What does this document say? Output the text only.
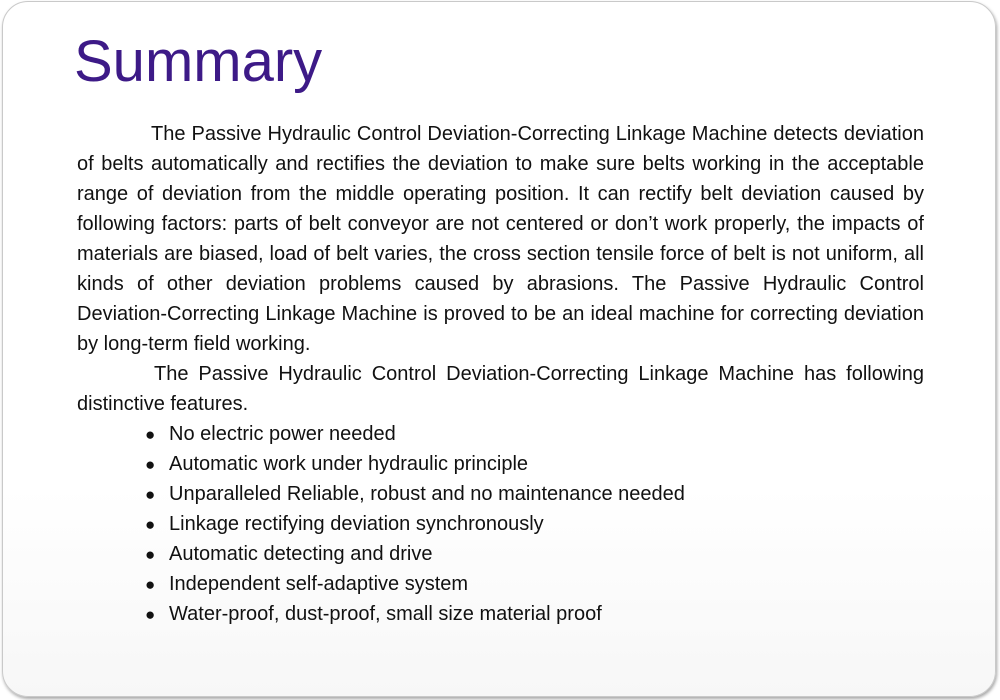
Summary

The Passive Hydraulic Control Deviation-Correcting Linkage Machine detects deviation of belts automatically and rectifies the deviation to make sure belts working in the acceptable range of deviation from the middle operating position. It can rectify belt deviation caused by following factors: parts of belt conveyor are not centered or don’t work properly, the impacts of materials are biased, load of belt varies, the cross section tensile force of belt is not uniform, all kinds of other deviation problems caused by abrasions. The Passive Hydraulic Control Deviation-Correcting Linkage Machine is proved to be an ideal machine for correcting deviation by long-term field working.

The Passive Hydraulic Control Deviation-Correcting Linkage Machine has following distinctive features.

● No electric power needed
● Automatic work under hydraulic principle
● Unparalleled Reliable, robust and no maintenance needed
● Linkage rectifying deviation synchronously
● Automatic detecting and drive
● Independent self-adaptive system
● Water-proof, dust-proof, small size material proof
